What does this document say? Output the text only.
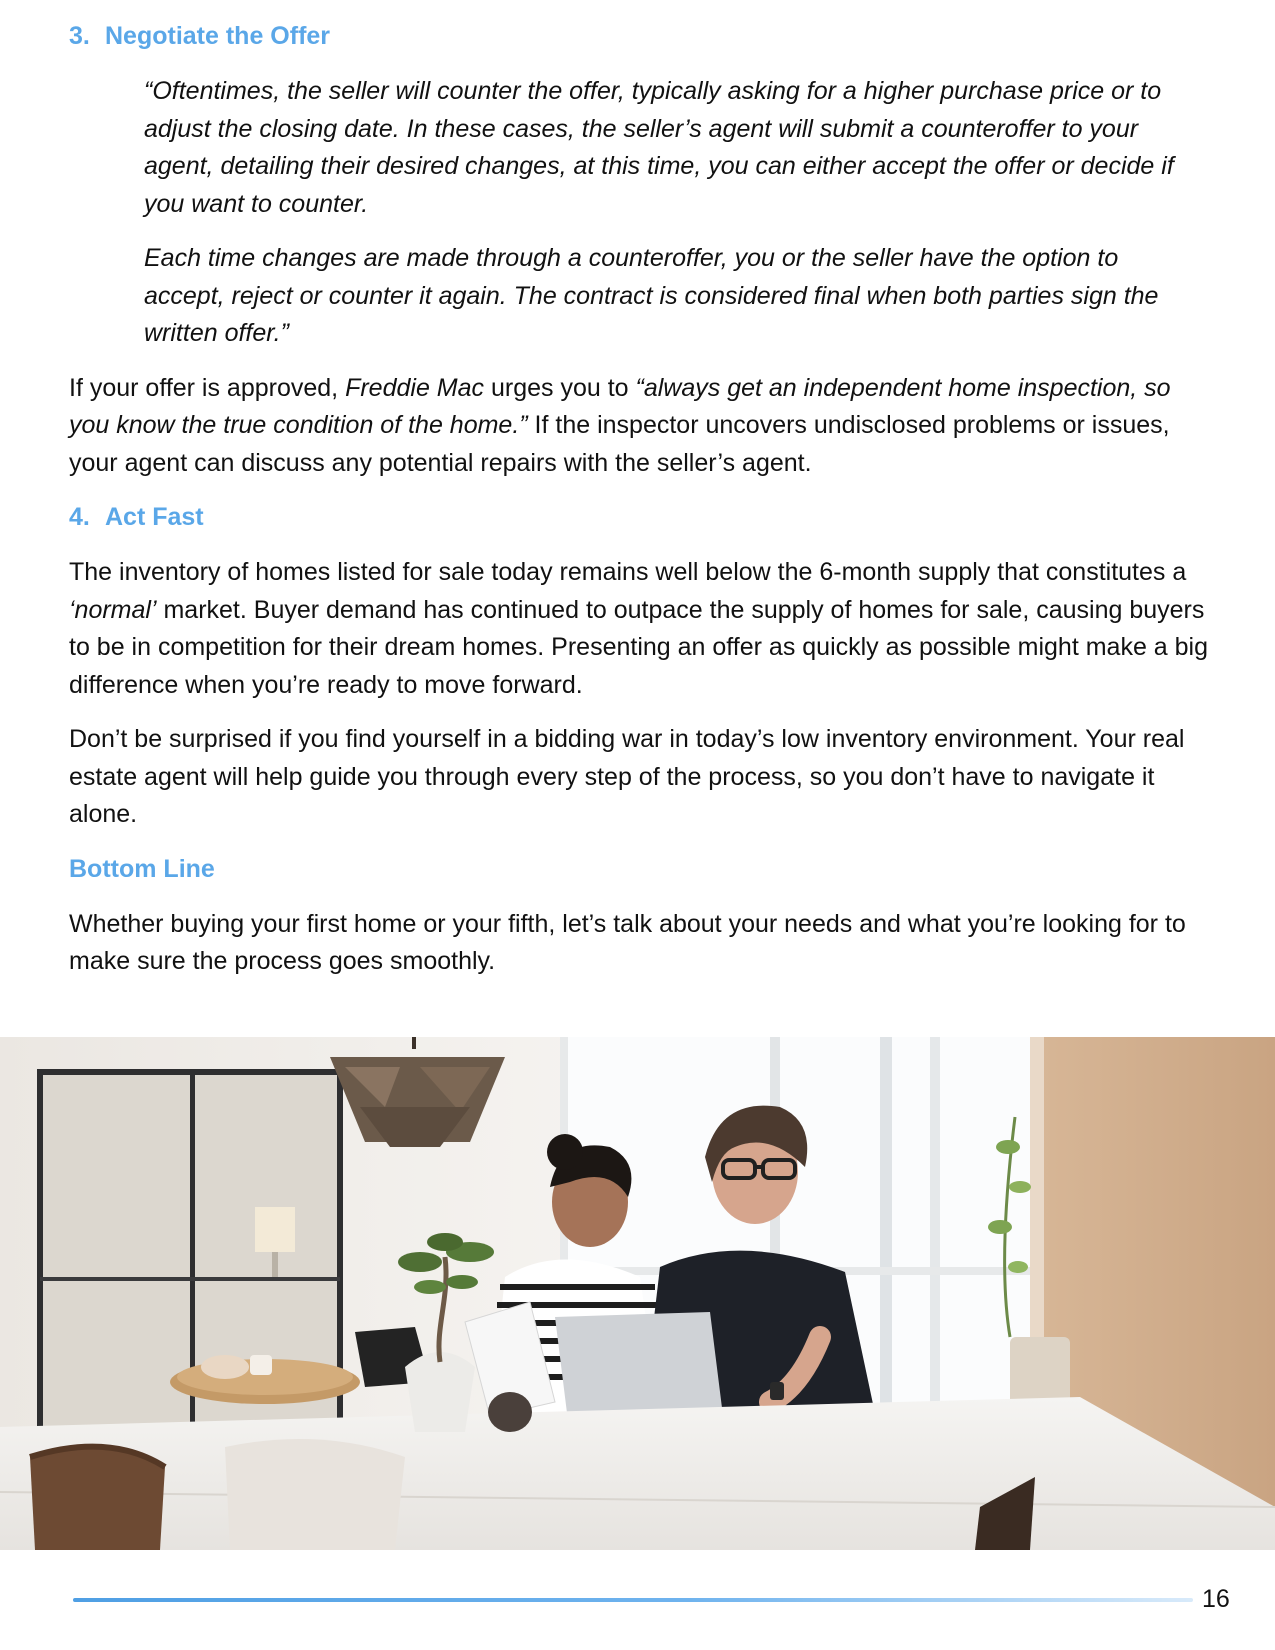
3. Negotiate the Offer

“Oftentimes, the seller will counter the offer, typically asking for a higher purchase price or to adjust the closing date. In these cases, the seller’s agent will submit a counteroffer to your agent, detailing their desired changes, at this time, you can either accept the offer or decide if you want to counter.

Each time changes are made through a counteroffer, you or the seller have the option to accept, reject or counter it again. The contract is considered final when both parties sign the written offer.”

If your offer is approved, Freddie Mac urges you to “always get an independent home inspection, so you know the true condition of the home.” If the inspector uncovers undisclosed problems or issues, your agent can discuss any potential repairs with the seller’s agent.

4. Act Fast

The inventory of homes listed for sale today remains well below the 6-month supply that constitutes a ‘normal’ market. Buyer demand has continued to outpace the supply of homes for sale, causing buyers to be in competition for their dream homes. Presenting an offer as quickly as possible might make a big difference when you’re ready to move forward.

Don’t be surprised if you find yourself in a bidding war in today’s low inventory environment. Your real estate agent will help guide you through every step of the process, so you don’t have to navigate it alone.

Bottom Line

Whether buying your first home or your fifth, let’s talk about your needs and what you’re looking for to make sure the process goes smoothly.

16
